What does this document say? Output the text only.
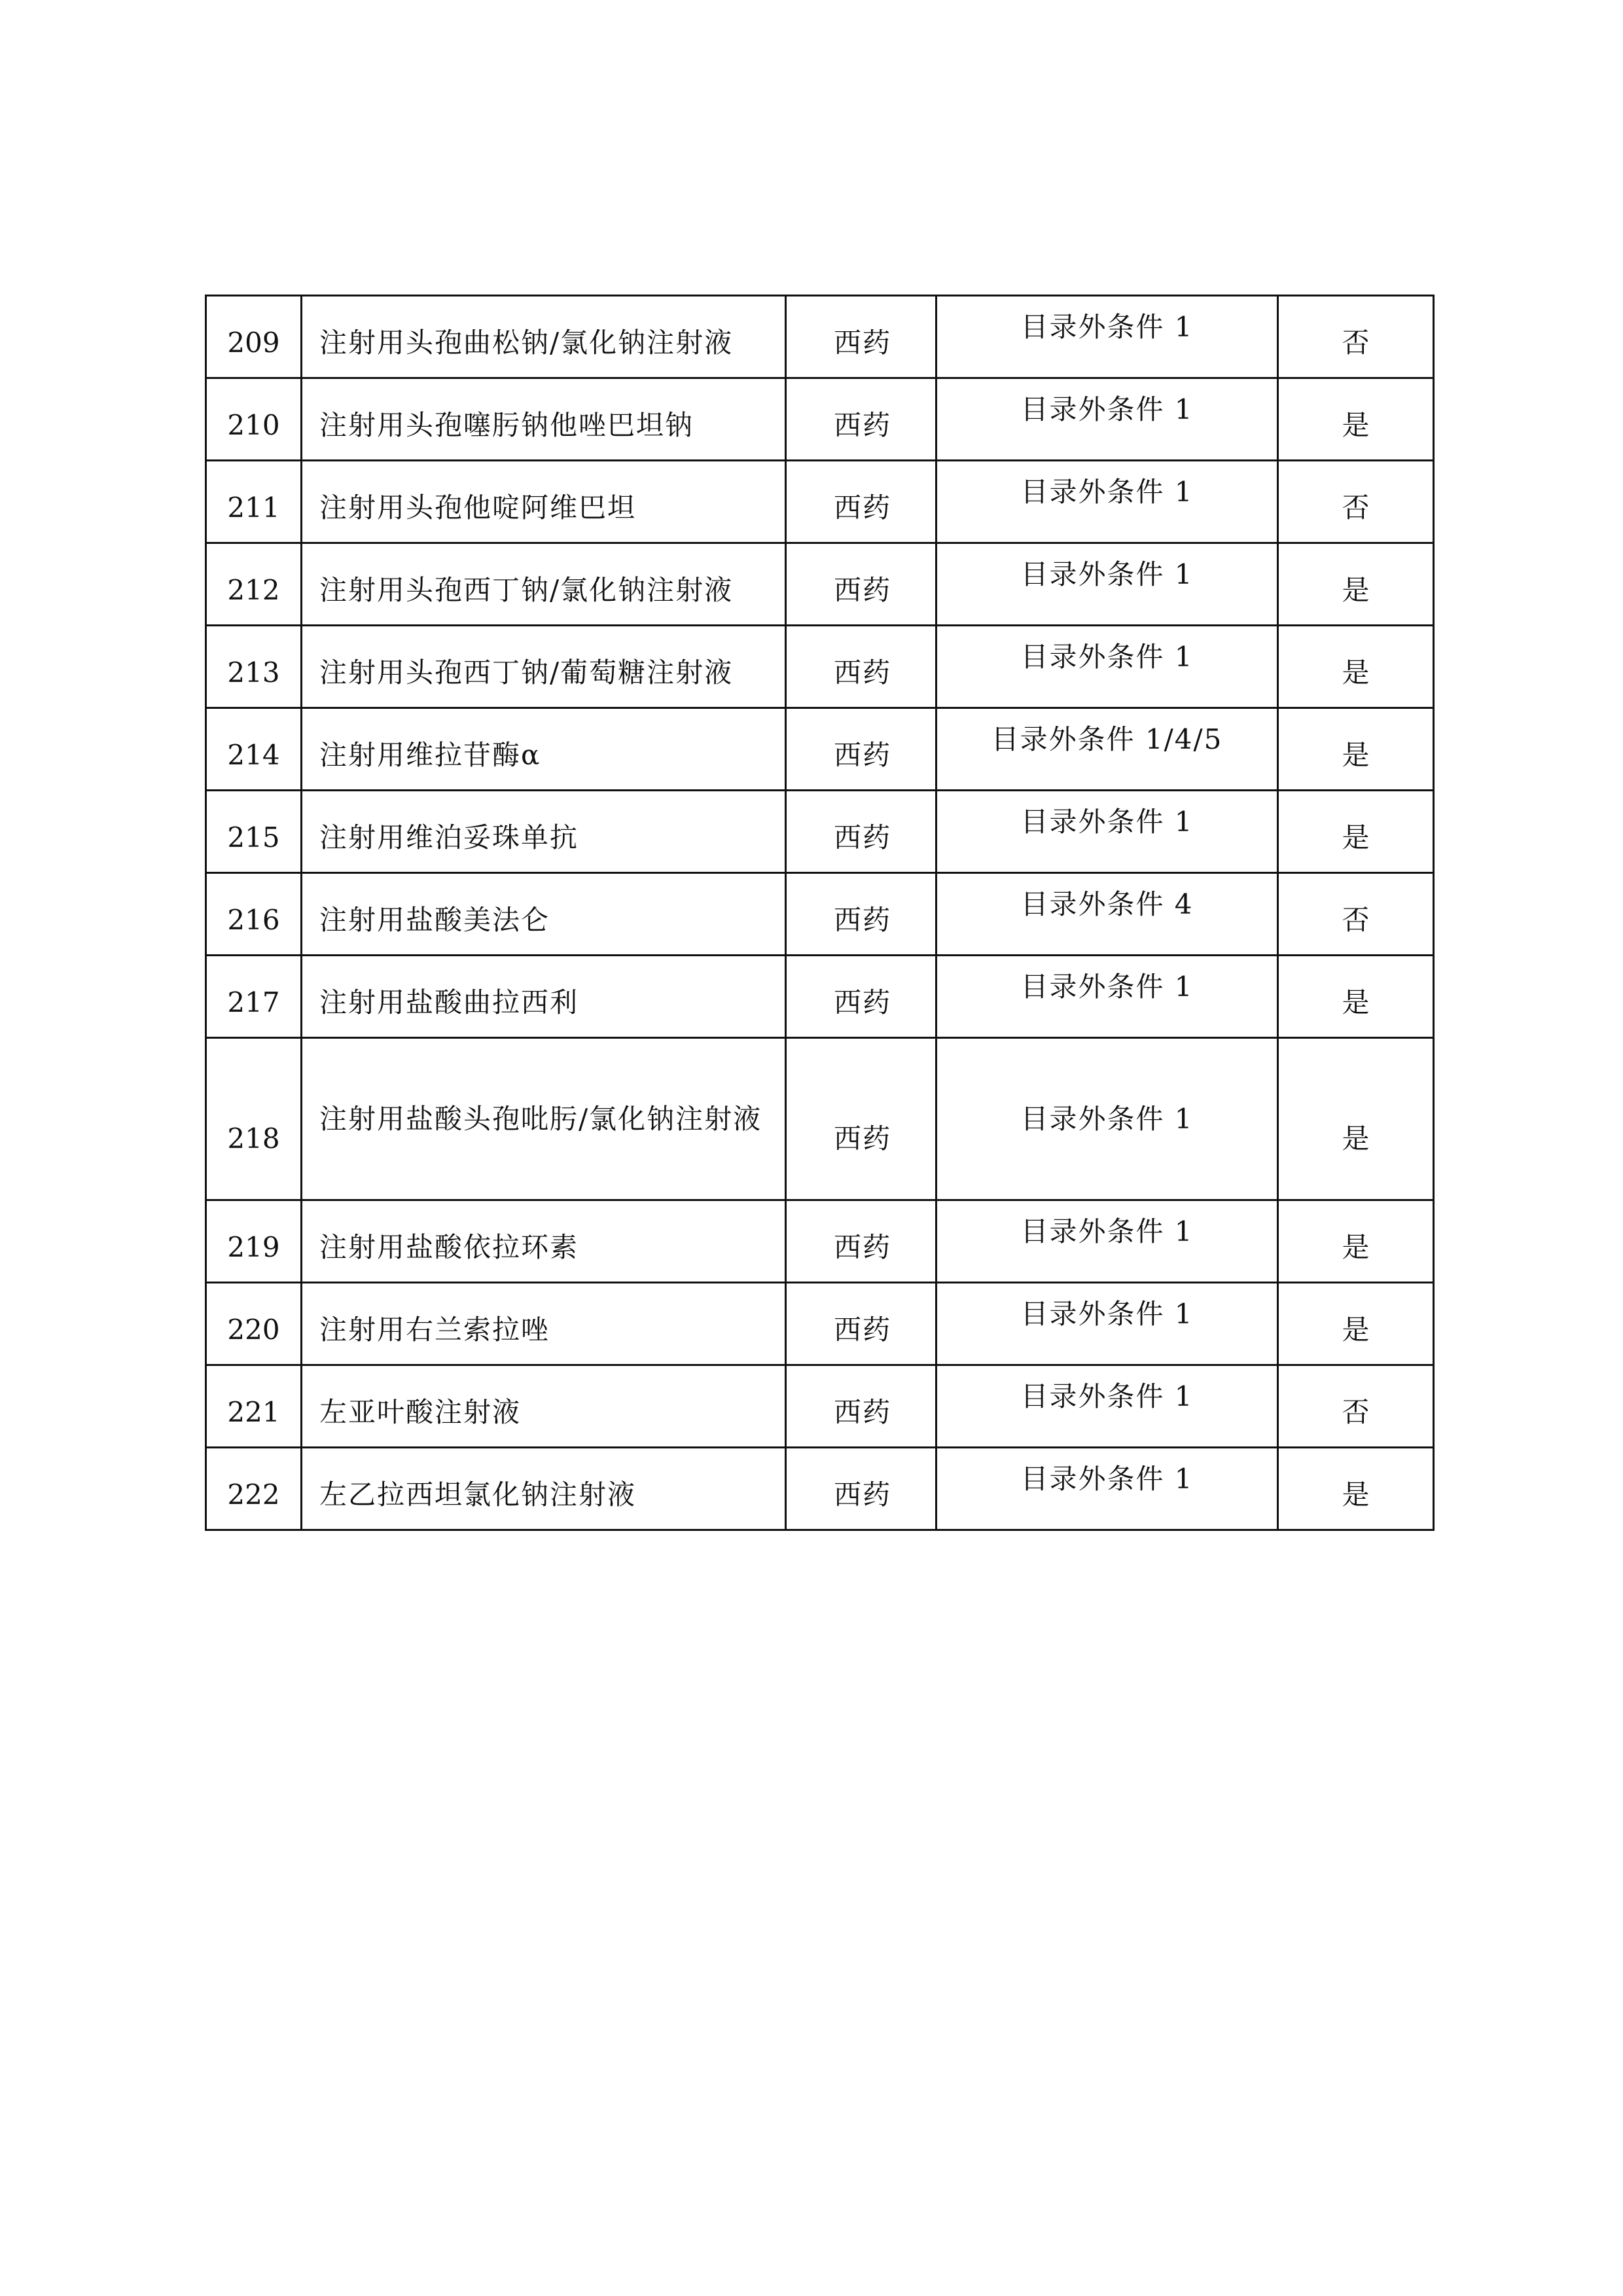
209	注射用头孢曲松钠/氯化钠注射液	西药	目录外条件 1	否
210	注射用头孢噻肟钠他唑巴坦钠	西药	目录外条件 1	是
211	注射用头孢他啶阿维巴坦	西药	目录外条件 1	否
212	注射用头孢西丁钠/氯化钠注射液	西药	目录外条件 1	是
213	注射用头孢西丁钠/葡萄糖注射液	西药	目录外条件 1	是
214	注射用维拉苷酶α	西药	目录外条件 1/4/5	是
215	注射用维泊妥珠单抗	西药	目录外条件 1	是
216	注射用盐酸美法仑	西药	目录外条件 4	否
217	注射用盐酸曲拉西利	西药	目录外条件 1	是
218	注射用盐酸头孢吡肟/氯化钠注射液	西药	目录外条件 1	是
219	注射用盐酸依拉环素	西药	目录外条件 1	是
220	注射用右兰索拉唑	西药	目录外条件 1	是
221	左亚叶酸注射液	西药	目录外条件 1	否
222	左乙拉西坦氯化钠注射液	西药	目录外条件 1	是
